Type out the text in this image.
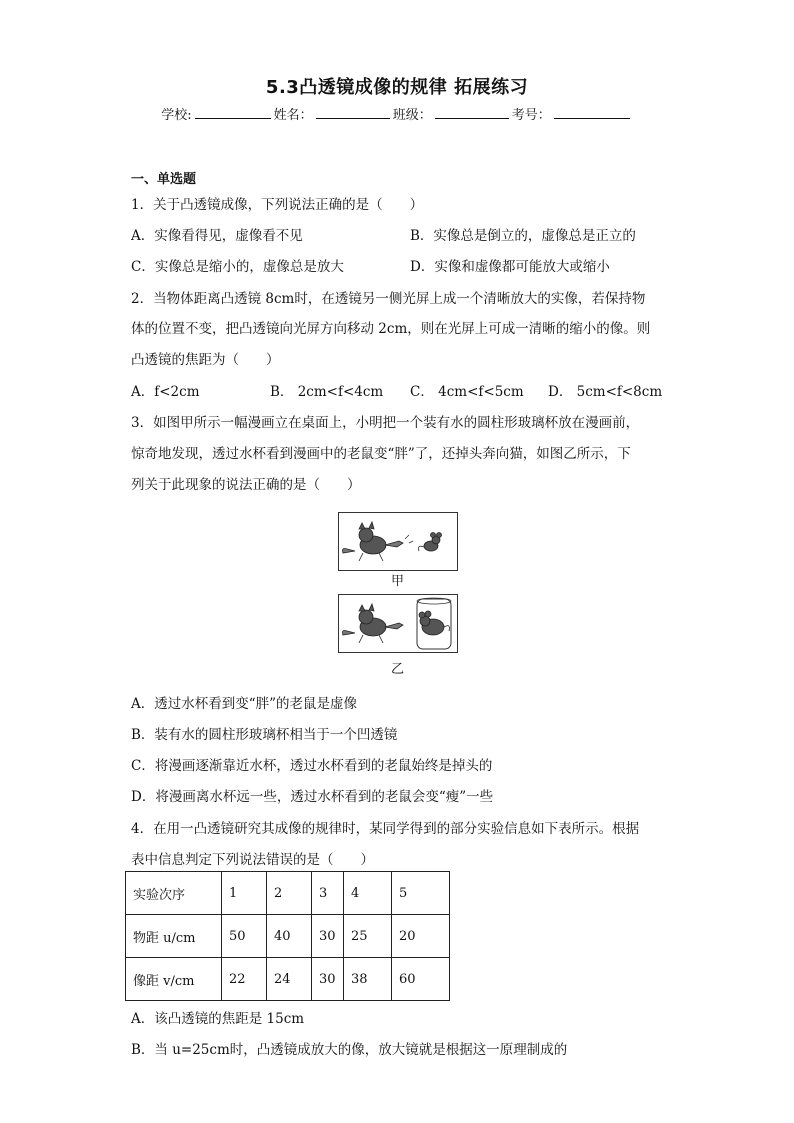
5.3凸透镜成像的规律 拓展练习
学校:	姓名：	班级：	考号：
一、单选题
1．关于凸透镜成像，下列说法正确的是（　　）
A．实像看得见，虚像看不见	B．实像总是倒立的，虚像总是正立的
C．实像总是缩小的，虚像总是放大	D．实像和虚像都可能放大或缩小
2．当物体距离凸透镜 8cm时，在透镜另一侧光屏上成一个清晰放大的实像，若保持物
体的位置不变，把凸透镜向光屏方向移动 2cm，则在光屏上可成一清晰的缩小的像。则
凸透镜的焦距为（　　）
A．f<2cm	B． 2cm<f<4cm C． 4cm<f<5cm D． 5cm<f<8cm
3．如图甲所示一幅漫画立在桌面上，小明把一个装有水的圆柱形玻璃杯放在漫画前，
惊奇地发现，透过水杯看到漫画中的老鼠变“胖”了，还掉头奔向猫，如图乙所示，下
列关于此现象的说法正确的是（　　）
甲
乙
A．透过水杯看到变“胖”的老鼠是虚像
B．装有水的圆柱形玻璃杯相当于一个凹透镜
C．将漫画逐渐靠近水杯，透过水杯看到的老鼠始终是掉头的
D．将漫画离水杯远一些，透过水杯看到的老鼠会变“瘦”一些
4．在用一凸透镜研究其成像的规律时，某同学得到的部分实验信息如下表所示。根据
表中信息判定下列说法错误的是（　　）
实验次序	1	2	3	4	5
物距 u/cm	50	40	30	25	20
像距 v/cm	22	24	30	38	60
A．该凸透镜的焦距是 15cm
B．当 u=25cm时，凸透镜成放大的像，放大镜就是根据这一原理制成的
